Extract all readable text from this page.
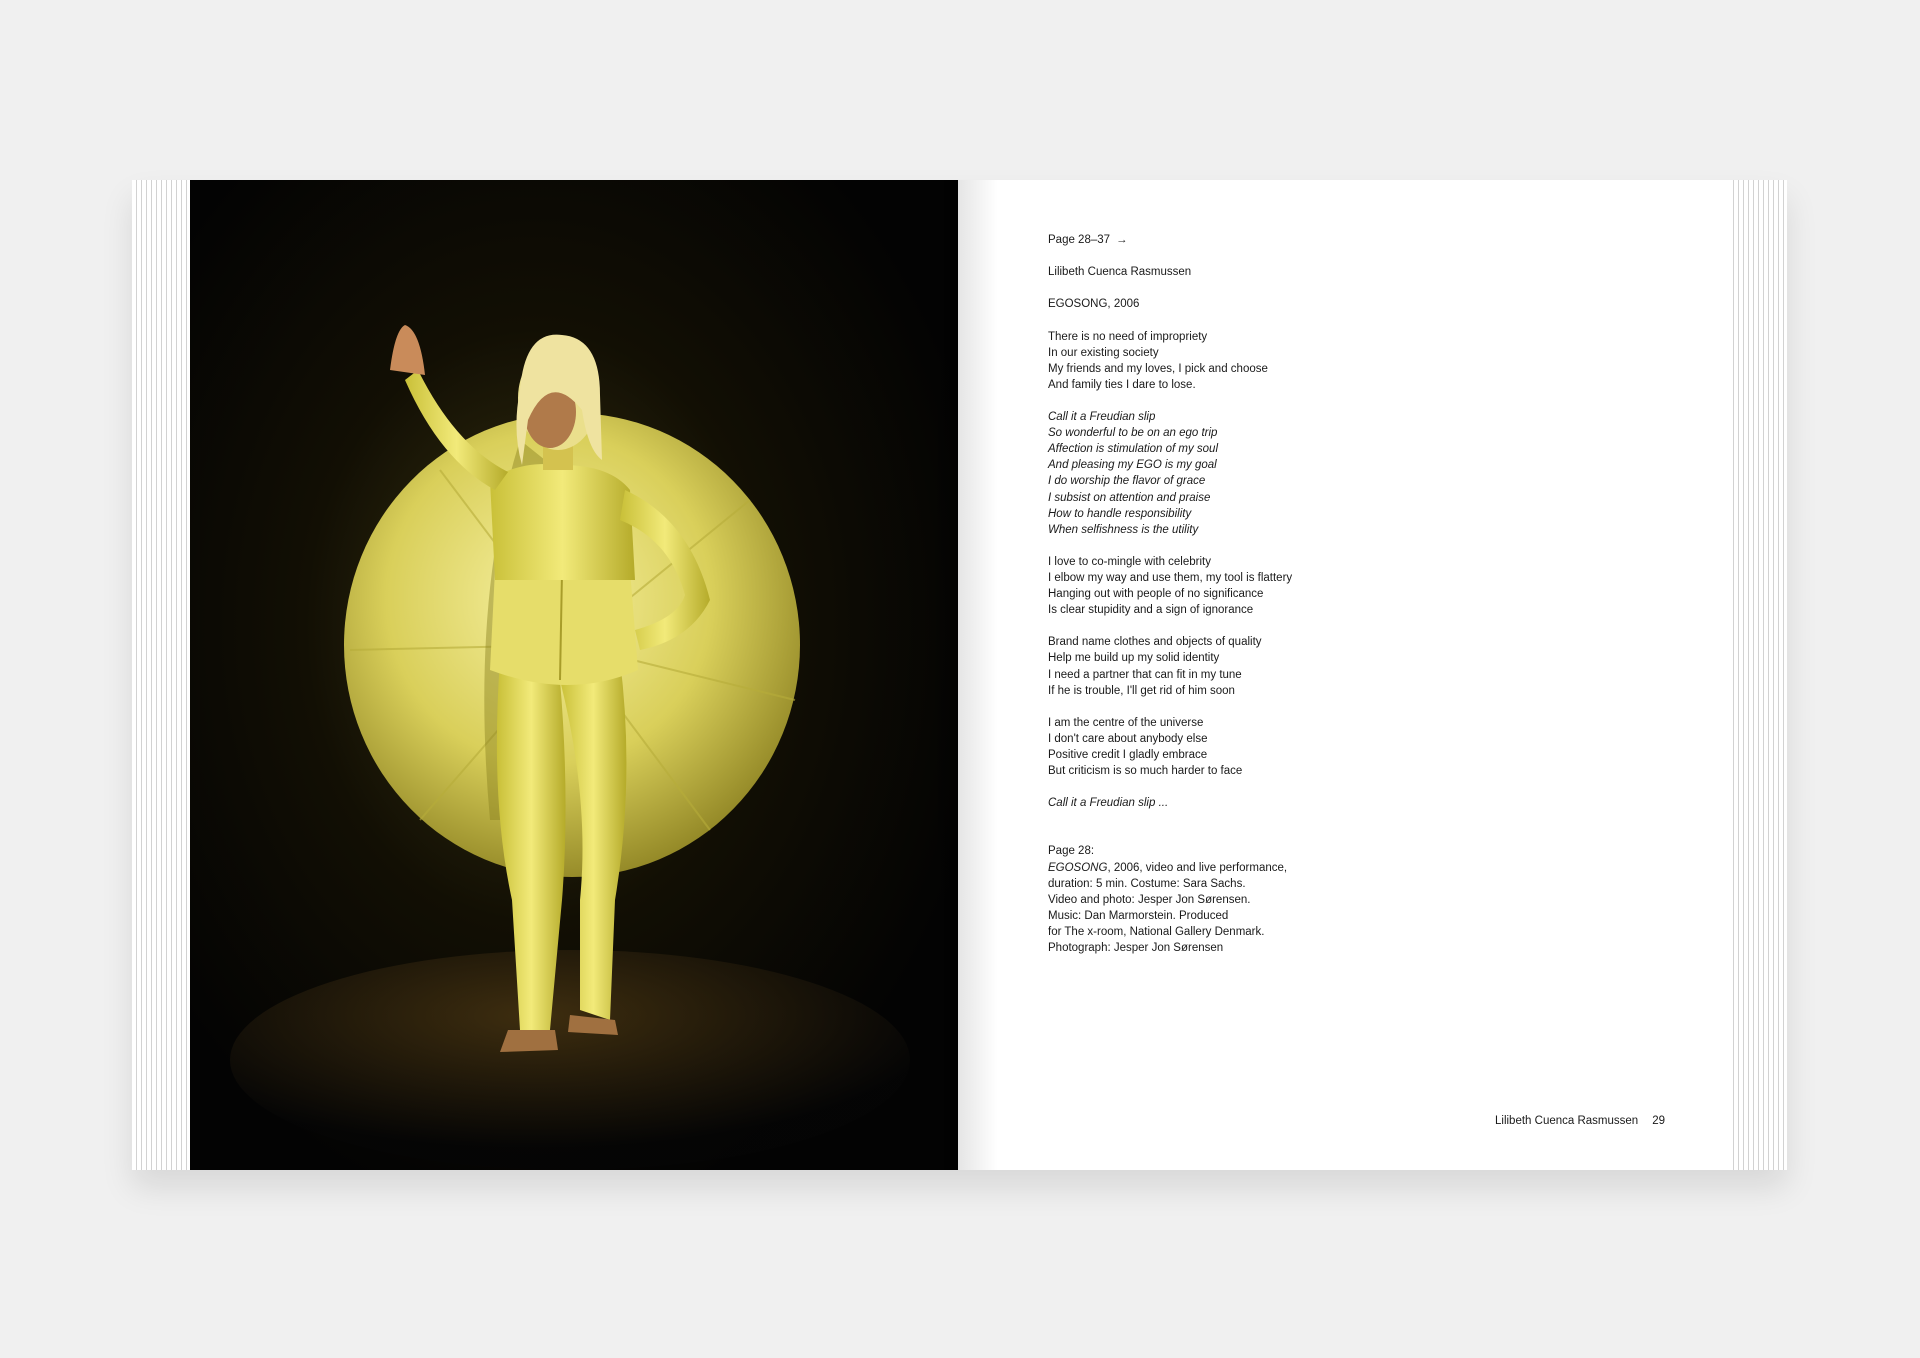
Page 28–37 →

Lilibeth Cuenca Rasmussen

EGOSONG, 2006

There is no need of impropriety
In our existing society
My friends and my loves, I pick and choose
And family ties I dare to lose.

Call it a Freudian slip
So wonderful to be on an ego trip
Affection is stimulation of my soul
And pleasing my EGO is my goal
I do worship the flavor of grace
I subsist on attention and praise
How to handle responsibility
When selfishness is the utility

I love to co-mingle with celebrity
I elbow my way and use them, my tool is flattery
Hanging out with people of no significance
Is clear stupidity and a sign of ignorance

Brand name clothes and objects of quality
Help me build up my solid identity
I need a partner that can fit in my tune
If he is trouble, I'll get rid of him soon

I am the centre of the universe
I don't care about anybody else
Positive credit I gladly embrace
But criticism is so much harder to face

Call it a Freudian slip ...

Page 28:
EGOSONG, 2006, video and live performance,
duration: 5 min. Costume: Sara Sachs.
Video and photo: Jesper Jon Sørensen.
Music: Dan Marmorstein. Produced
for The x-room, National Gallery Denmark.
Photograph: Jesper Jon Sørensen
Lilibeth Cuenca Rasmussen 29
